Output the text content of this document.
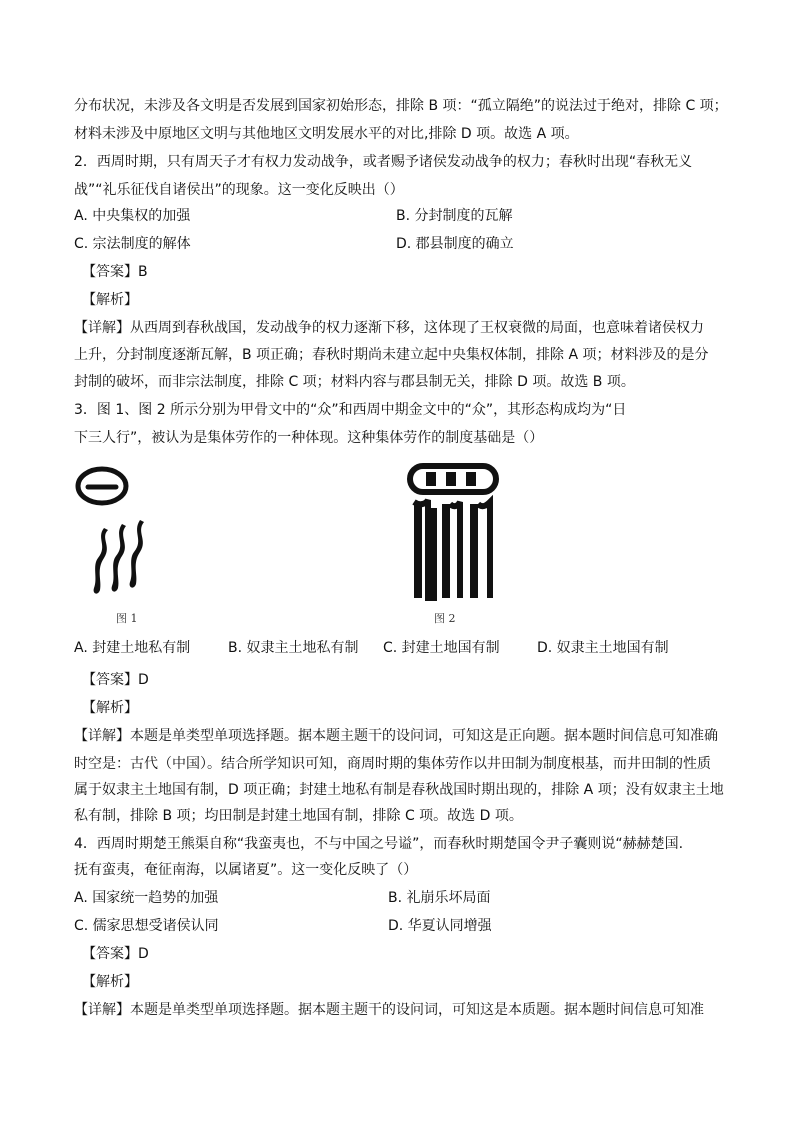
分布状况，未涉及各文明是否发展到国家初始形态，排除 B 项：“孤立隔绝”的说法过于绝对，排除 C 项；
材料未涉及中原地区文明与其他地区文明发展水平的对比,排除 D 项。故选 A 项。
2．西周时期，只有周天子才有权力发动战争，或者赐予诸侯发动战争的权力；春秋时出现“春秋无义
战”“礼乐征伐自诸侯出”的现象。这一变化反映出（）
A. 中央集权的加强	B. 分封制度的瓦解
C. 宗法制度的解体	D. 郡县制度的确立
【答案】B
【解析】
【详解】从西周到春秋战国，发动战争的权力逐渐下移，这体现了王权衰微的局面，也意味着诸侯权力
上升，分封制度逐渐瓦解，B 项正确；春秋时期尚未建立起中央集权体制，排除 A 项；材料涉及的是分
封制的破坏，而非宗法制度，排除 C 项；材料内容与郡县制无关，排除 D 项。故选 B 项。
3．图 1、图 2 所示分别为甲骨文中的“众”和西周中期金文中的“众”，其形态构成均为“日
下三人行”，被认为是集体劳作的一种体现。这种集体劳作的制度基础是（）
图 1	图 2
A. 封建土地私有制	B. 奴隶主土地私有制 C. 封建土地国有制	D. 奴隶主土地国有制
【答案】D
【解析】
【详解】本题是单类型单项选择题。据本题主题干的设问词，可知这是正向题。据本题时间信息可知准确
时空是：古代（中国）。结合所学知识可知，商周时期的集体劳作以井田制为制度根基，而井田制的性质
属于奴隶主土地国有制，D 项正确；封建土地私有制是春秋战国时期出现的，排除 A 项；没有奴隶主土地
私有制，排除 B 项；均田制是封建土地国有制，排除 C 项。故选 D 项。
4．西周时期楚王熊渠自称“我蛮夷也，不与中国之号谥”，而春秋时期楚国令尹子囊则说“赫赫楚国.
抚有蛮夷，奄征南海，以属诸夏”。这一变化反映了（）
A. 国家统一趋势的加强	B. 礼崩乐坏局面
C. 儒家思想受诸侯认同	D. 华夏认同增强
【答案】D
【解析】
【详解】本题是单类型单项选择题。据本题主题干的设问词，可知这是本质题。据本题时间信息可知准
